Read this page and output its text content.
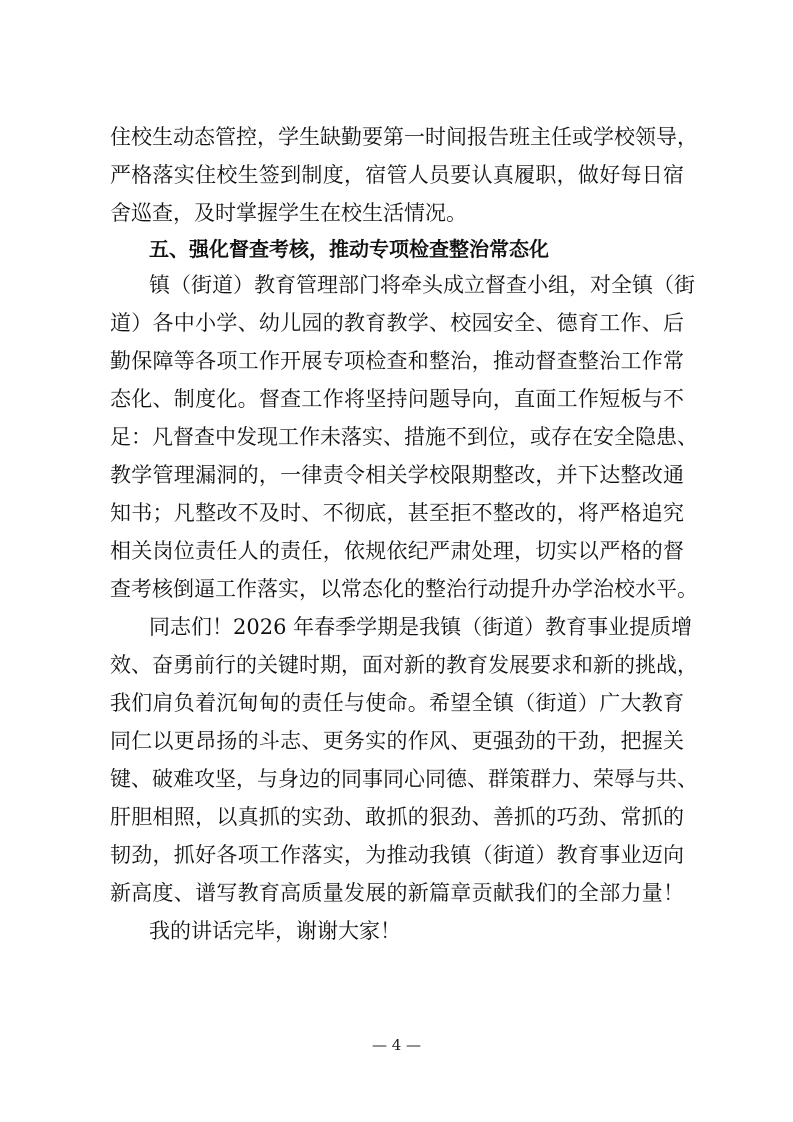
住校生动态管控，学生缺勤要第一时间报告班主任或学校领导，
严格落实住校生签到制度，宿管人员要认真履职，做好每日宿
舍巡查，及时掌握学生在校生活情况。
五、强化督查考核，推动专项检查整治常态化
镇（街道）教育管理部门将牵头成立督查小组，对全镇（街
道）各中小学、幼儿园的教育教学、校园安全、德育工作、后
勤保障等各项工作开展专项检查和整治，推动督查整治工作常
态化、制度化。督查工作将坚持问题导向，直面工作短板与不
足：凡督查中发现工作未落实、措施不到位，或存在安全隐患、
教学管理漏洞的，一律责令相关学校限期整改，并下达整改通
知书；凡整改不及时、不彻底，甚至拒不整改的，将严格追究
相关岗位责任人的责任，依规依纪严肃处理，切实以严格的督
查考核倒逼工作落实，以常态化的整治行动提升办学治校水平。
同志们！2026 年春季学期是我镇（街道）教育事业提质增
效、奋勇前行的关键时期，面对新的教育发展要求和新的挑战，
我们肩负着沉甸甸的责任与使命。希望全镇（街道）广大教育
同仁以更昂扬的斗志、更务实的作风、更强劲的干劲，把握关
键、破难攻坚，与身边的同事同心同德、群策群力、荣辱与共、
肝胆相照，以真抓的实劲、敢抓的狠劲、善抓的巧劲、常抓的
韧劲，抓好各项工作落实，为推动我镇（街道）教育事业迈向
新高度、谱写教育高质量发展的新篇章贡献我们的全部力量！
我的讲话完毕，谢谢大家！
— 4 —
